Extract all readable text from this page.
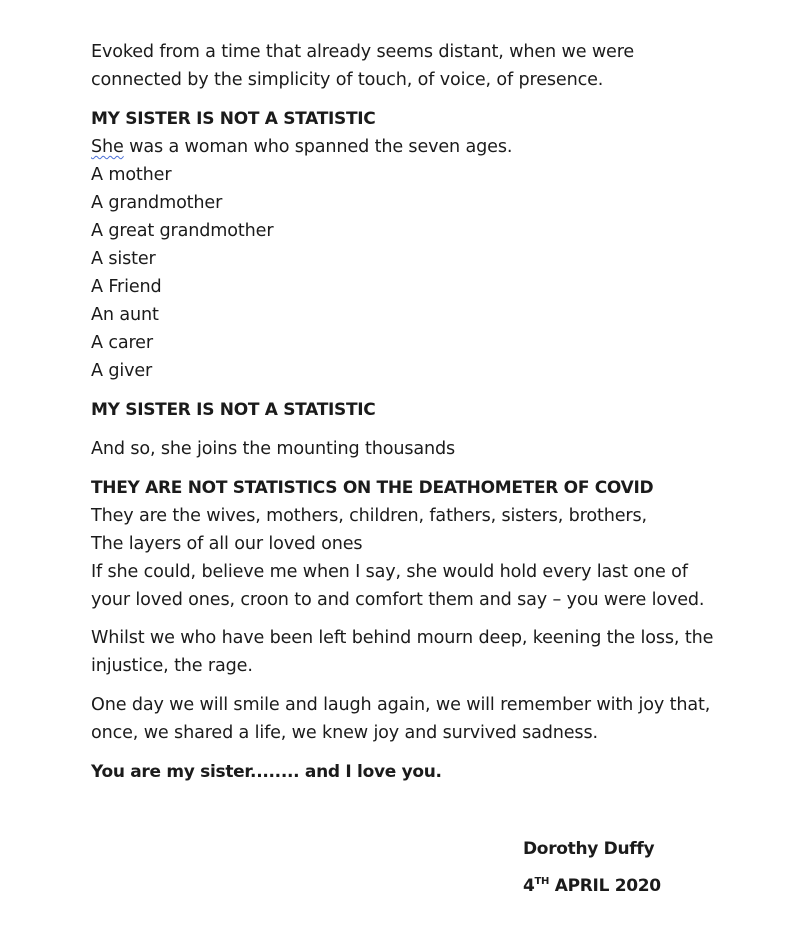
Evoked from a time that already seems distant, when we were
connected by the simplicity of touch, of voice, of presence.
MY SISTER IS NOT A STATISTIC
She was a woman who spanned the seven ages.
A mother
A grandmother
A great grandmother
A sister
A Friend
An aunt
A carer
A giver
MY SISTER IS NOT A STATISTIC
And so, she joins the mounting thousands
THEY ARE NOT STATISTICS ON THE DEATHOMETER OF COVID
They are the wives, mothers, children, fathers, sisters, brothers,
The layers of all our loved ones
If she could, believe me when I say, she would hold every last one of
your loved ones, croon to and comfort them and say – you were loved.
Whilst we who have been left behind mourn deep, keening the loss, the
injustice, the rage.
One day we will smile and laugh again, we will remember with joy that,
once, we shared a life, we knew joy and survived sadness.
You are my sister........ and I love you.
Dorothy Duffy
4TH APRIL 2020
